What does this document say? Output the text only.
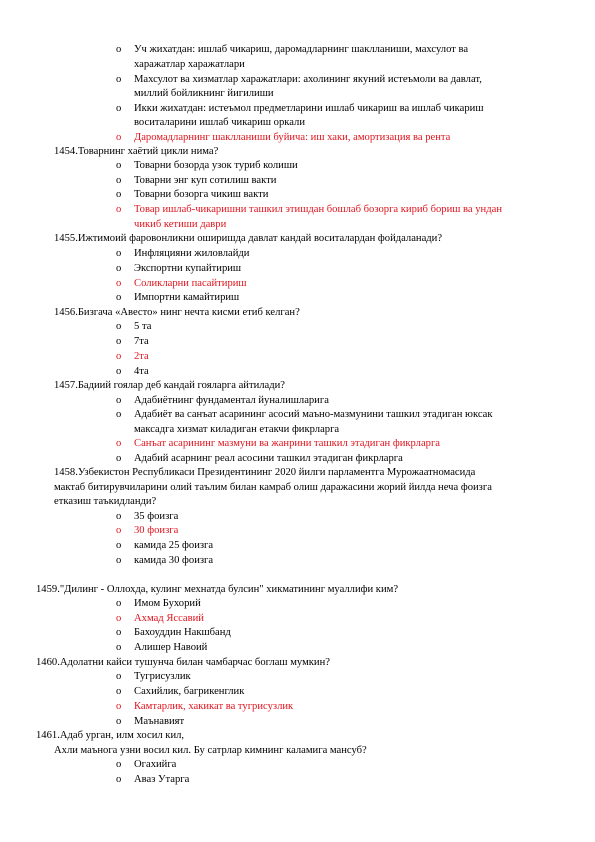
o Уч жихатдан: ишлаб чикариш, даромадларнинг шаклланиши, махсулот ва
харажатлар харажатлари
o Махсулот ва хизматлар харажатлари: ахолининг якуний истеъмоли ва давлат,
миллий бойликнинг йигилиши
o Икки жихатдан: истеъмол предметларини ишлаб чикариш ва ишлаб чикариш
воситаларини ишлаб чикариш оркали
o Даромадларнинг шаклланиши буйича: иш хаки, амортизация ва рента
1454.Товарнинг хаётий цикли нима?
o Товарни бозорда узок туриб колиши
o Товарни энг куп сотилиш вакти
o Товарни бозорга чикиш вакти
o Товар ишлаб-чикаришни ташкил этишдан бошлаб бозорга кириб бориш ва ундан
чикиб кетиши даври
1455.Ижтимоий фаровонликни оширишда давлат кандай воситалардан фойдаланади?
o Инфляцияни жиловлайди
o Экспортни купайтириш
o Соликларни пасайтириш
o Импортни камайтириш
1456.Бизгача «Авесто» нинг нечта кисми етиб келган?
o 5 та
o 7та
o 2та
o 4та
1457.Бадиий гоялар деб кандай гояларга айтилади?
o Адабиётнинг фундаментал йуналишларига
o Адабиёт ва санъат асарининг асосий маъно-мазмунини ташкил этадиган юксак
максадга хизмат киладиган етакчи фикрларга
o Санъат асарининг мазмуни ва жанрини ташкил этадиган фикрларга
o Адабий асарнинг реал асосини ташкил этадиган фикрларга
1458.Узбекистон Республикаси Президентининг 2020 йилги парламентга Мурожаатномасида
мактаб битирувчиларини олий таълим билан камраб олиш даражасини жорий йилда неча фоизга
етказиш таъкидланди?
o 35 фоизга
o 30 фоизга
o камида 25 фоизга
o камида 30 фоизга
1459."Дилинг - Оллохда, кулинг мехнатда булсин" хикматининг муаллифи ким?
o Имом Бухорий
o Ахмад Яссавий
o Бахоуддин Накшбанд
o Алишер Навоий
1460.Адолатни кайси тушунча билан чамбарчас боглаш мумкин?
o Тугрисузлик
o Сахийлик, багрикенглик
o Камтарлик, хакикат ва тугрисузлик
o Маънавият
1461.Адаб ургaн, илм хосил кил,
Ахли маънога узни восил кил. Бу сатрлар кимнинг каламига мансуб?
o Огахийга
o Аваз Утарга
